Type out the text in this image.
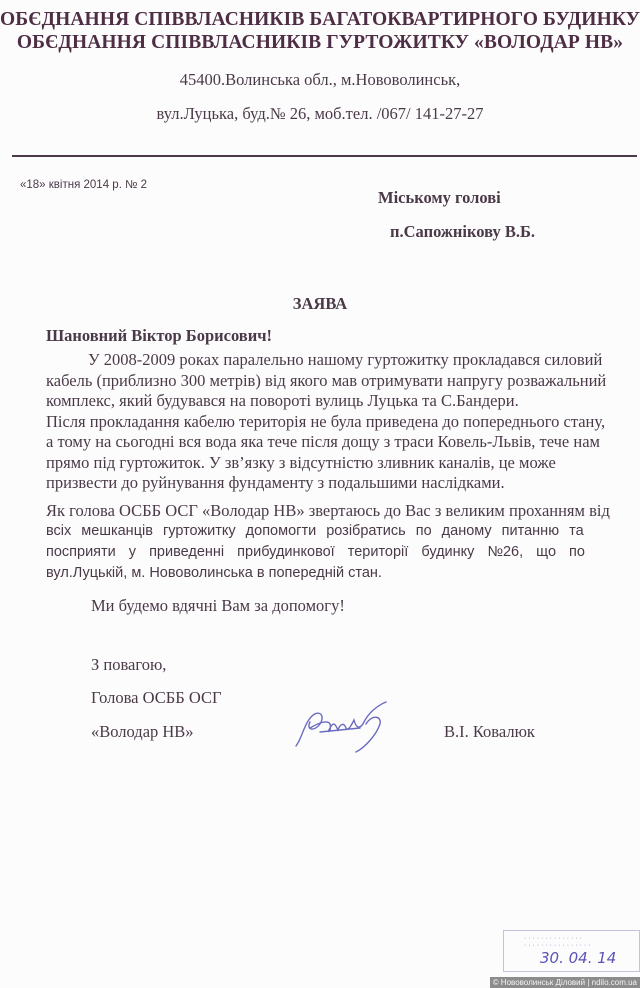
ОБЄДНАННЯ СПІВВЛАСНИКІВ БАГАТОКВАРТИРНОГО БУДИНКУ
ОБЄДНАННЯ СПІВВЛАСНИКІВ ГУРТОЖИТКУ «ВОЛОДАР НВ»
45400.Волинська обл., м.Нововолинськ,
вул.Луцька, буд.№ 26, моб.тел. /067/ 141-27-27
«18» квітня 2014 р. № 2
Міському голові
п.Сапожнікову В.Б.
ЗАЯВА
Шановний Віктор Борисович!
У 2008-2009 роках паралельно нашому гуртожитку прокладався силовий
кабель (приблизно 300 метрів) від якого мав отримувати напругу розважальний
комплекс, який будувався на повороті вулиць Луцька та С.Бандери.
Після прокладання кабелю територія не була приведена до попереднього стану,
а тому на сьогодні вся вода яка тече після дощу з траси Ковель-Львів, тече нам
прямо під гуртожиток. У зв’язку з відсутністю зливник каналів, це може
призвести до руйнування фундаменту з подальшими наслідками.
Як голова ОСББ ОСГ «Володар НВ» звертаюсь до Вас з великим проханням від
всіх мешканців гуртожитку допомогти розібратись по даному питанню та
посприяти у приведенні прибудинкової території будинку №26, що по
вул.Луцькій, м. Нововолинська в попередній стан.
Ми будемо вдячні Вам за допомогу!
З повагою,
Голова ОСББ ОСГ
«Володар НВ»	В.І. Ковалюк
· · · · · · · · · · · · · ·
· · · · · · · · · · · · · · · ·
30. 04. 14
© Нововолинськ Діловий | ndilo.com.ua
